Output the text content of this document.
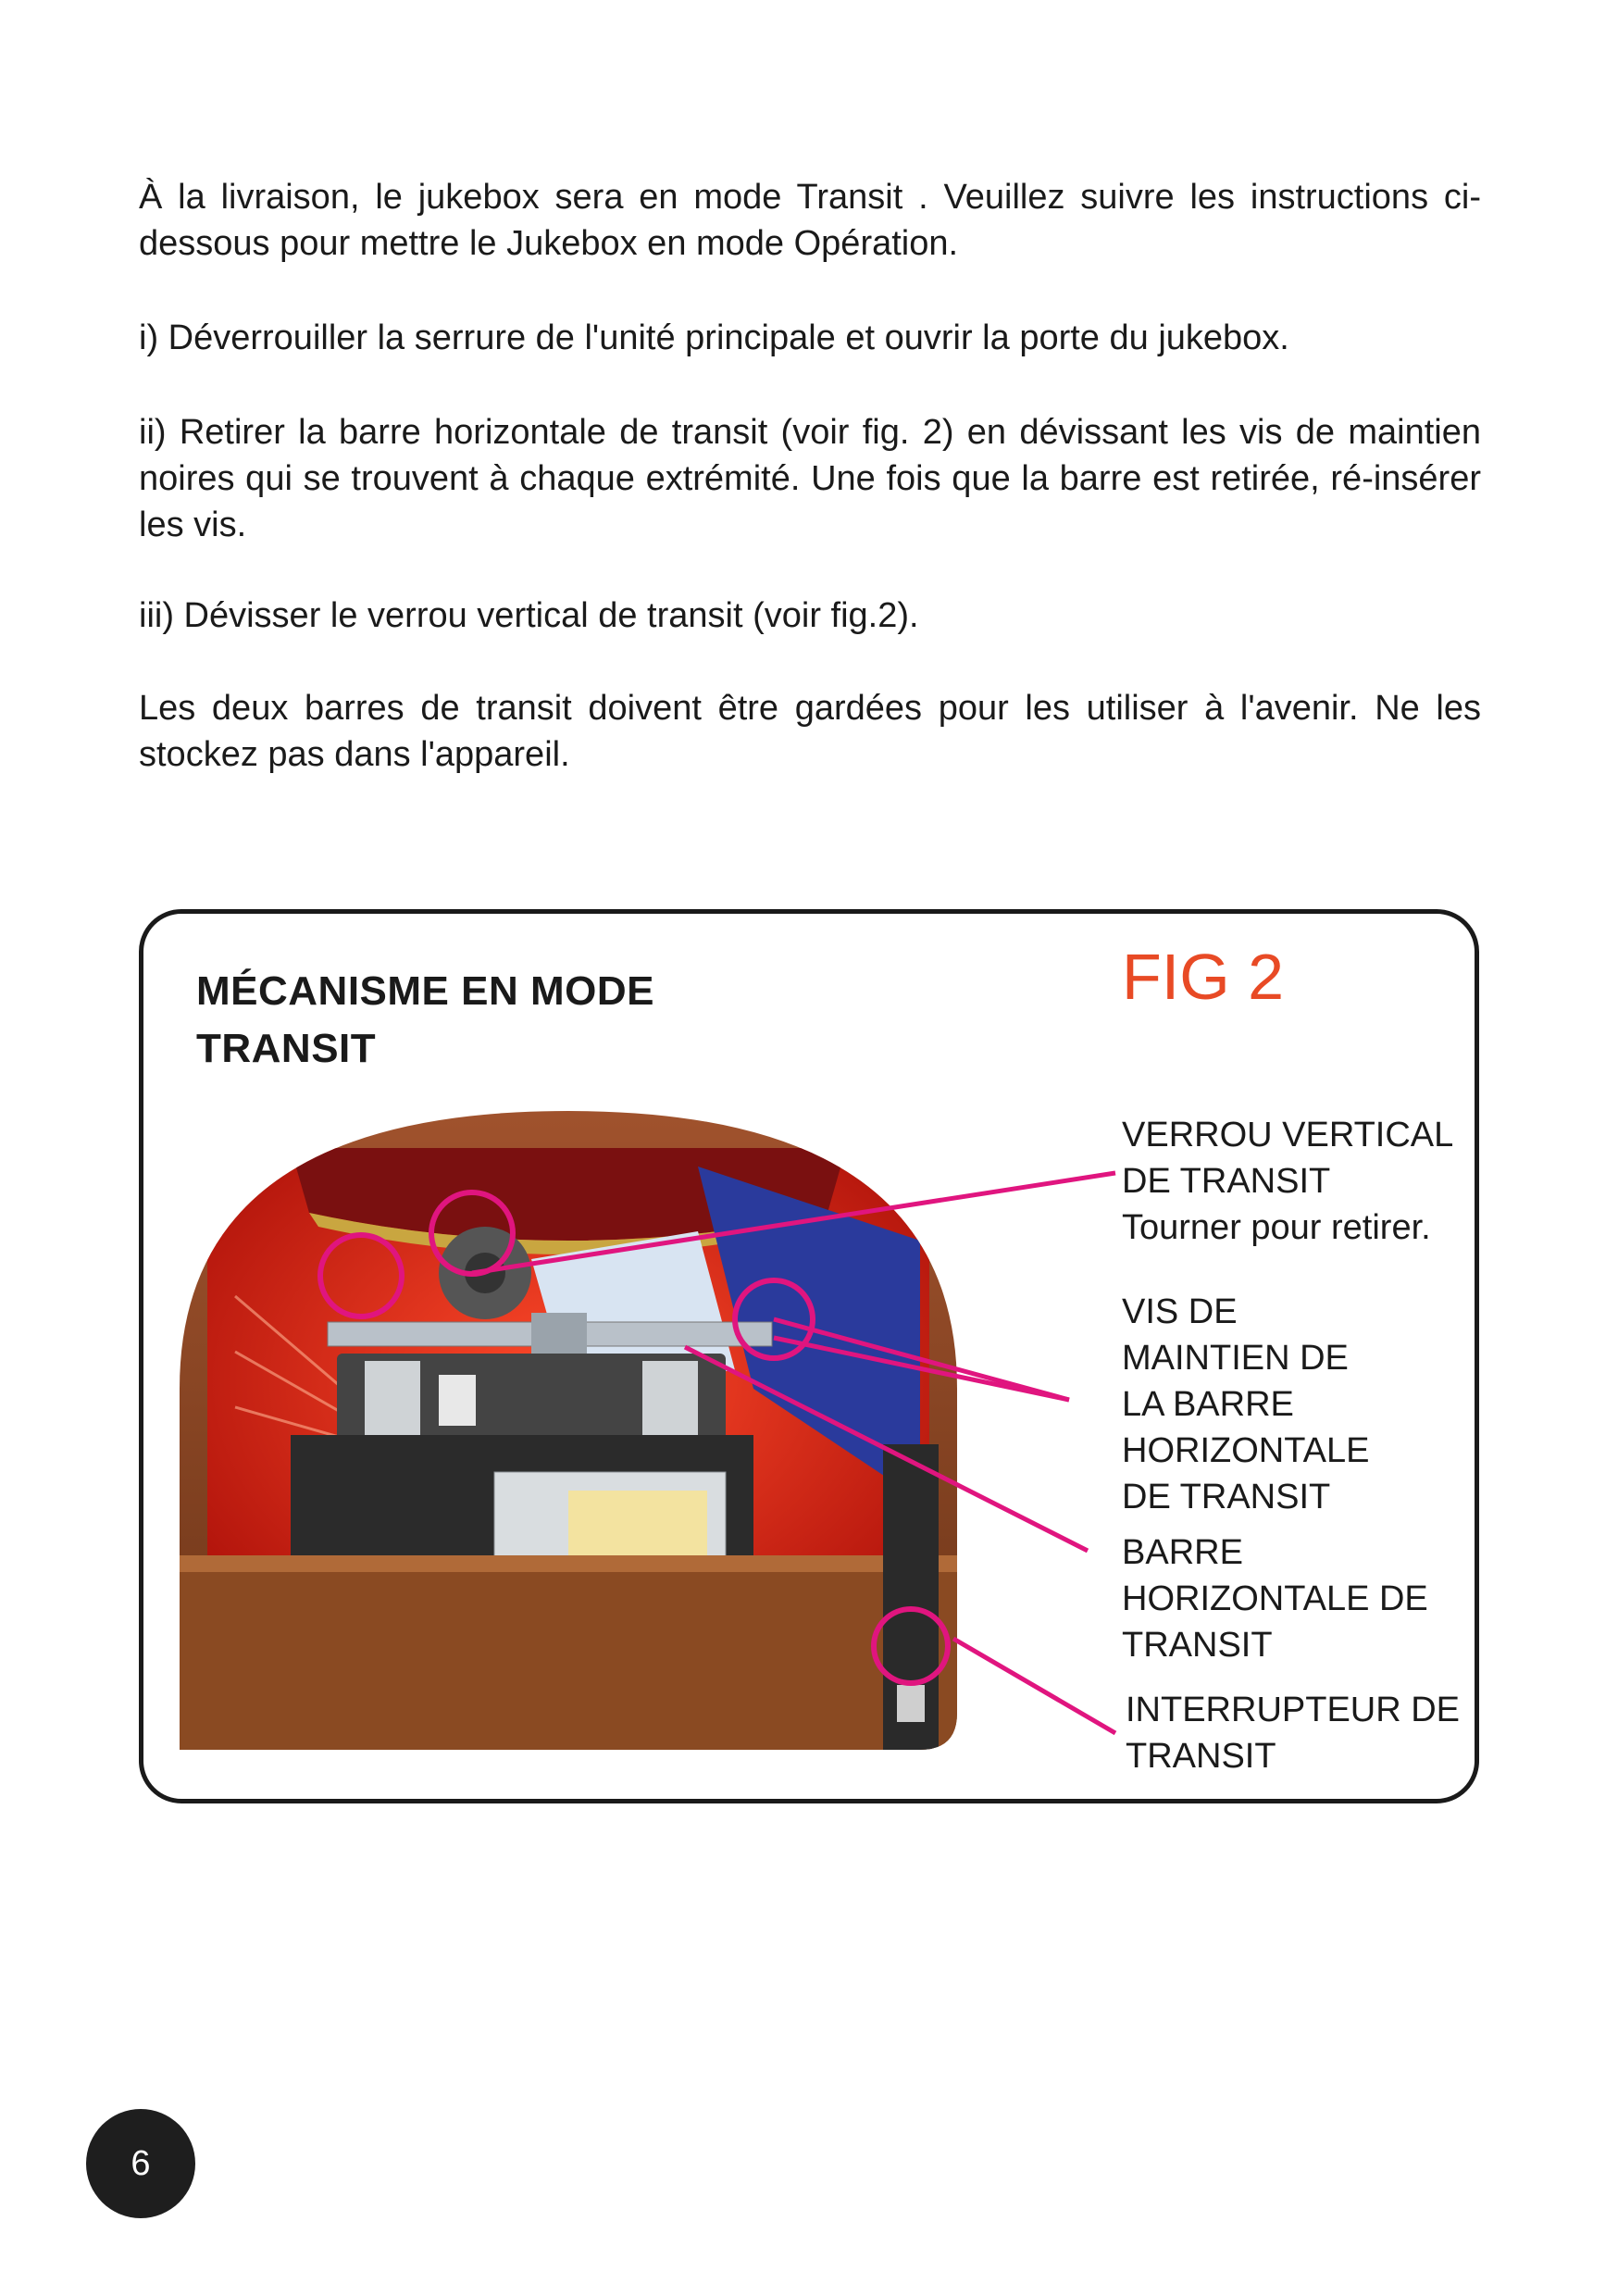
À la livraison, le jukebox sera en mode Transit . Veuillez suivre les instructions ci-dessous pour mettre le Jukebox en mode Opération.

i) Déverrouiller la serrure de l'unité principale et ouvrir la porte du jukebox.

ii) Retirer la barre horizontale de transit (voir fig. 2) en dévissant les vis de maintien noires qui se trouvent à chaque extrémité. Une fois que la barre est retirée, ré-insérer les vis.

iii) Dévisser le verrou vertical de transit (voir fig.2).

Les deux barres de transit doivent être gardées pour les utiliser à l'avenir. Ne les stockez pas dans l'appareil.

MÉCANISME EN MODE
TRANSIT
FIG 2

VERROU VERTICAL
DE TRANSIT
Tourner pour retirer.

VIS DE
MAINTIEN DE
LA BARRE
HORIZONTALE
DE TRANSIT

BARRE
HORIZONTALE DE
TRANSIT

INTERRUPTEUR DE
TRANSIT

6
